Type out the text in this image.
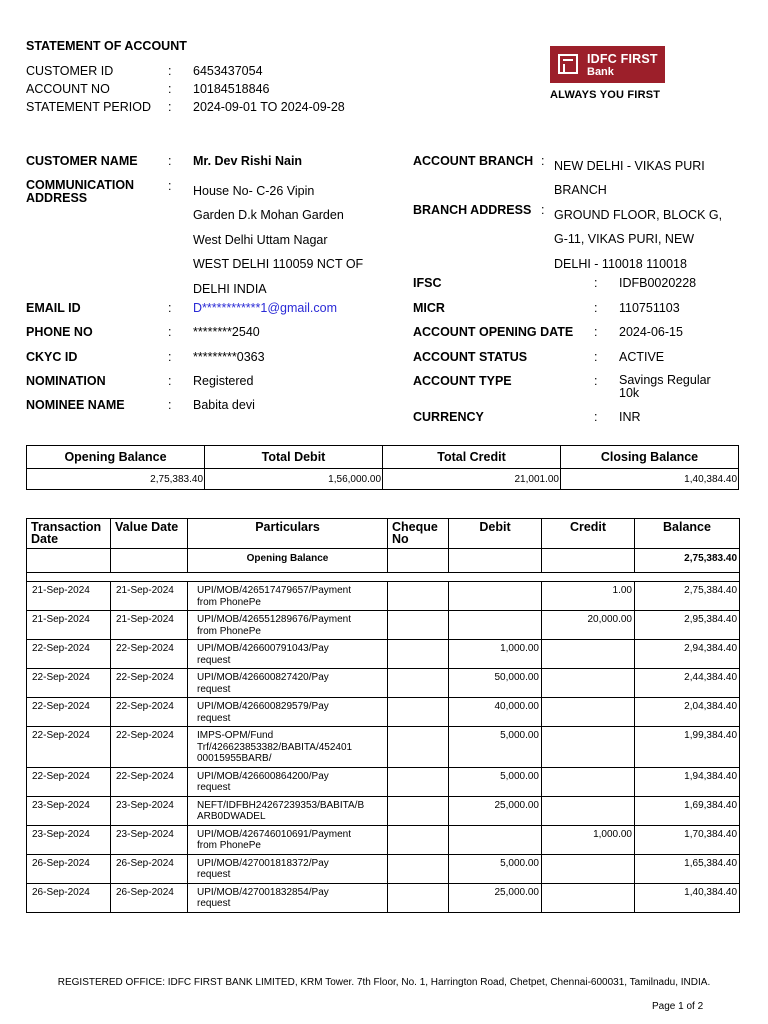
STATEMENT OF ACCOUNT
CUSTOMER ID	: 6453437054
ACCOUNT NO	: 10184518846
STATEMENT PERIOD : 2024-09-01 TO 2024-09-28
IDFC FIRST
Bank
ALWAYS YOU FIRST
CUSTOMER NAME : Mr. Dev Rishi Nain
COMMUNICATION
ADDRESS
: House No- C-26 Vipin
Garden D.k Mohan Garden
West Delhi Uttam Nagar
WEST DELHI 110059 NCT OF
DELHI INDIA
EMAIL ID	: D************1@gmail.com
PHONE NO	: ********2540
CKYC ID	: *********0363
NOMINATION	: Registered
NOMINEE NAME	: Babita devi
ACCOUNT BRANCH : NEW DELHI - VIKAS PURI
BRANCH
BRANCH ADDRESS : GROUND FLOOR, BLOCK G,
G-11, VIKAS PURI, NEW
DELHI - 110018 110018
IFSC	: IDFB0020228
MICR	: 110751103
ACCOUNT OPENING DATE : 2024-06-15
ACCOUNT STATUS	: ACTIVE
ACCOUNT TYPE	: Savings Regular
10k
CURRENCY	: INR
Opening Balance	Total Debit	Total Credit	Closing Balance
2,75,383.40	1,56,000.00	21,001.00	1,40,384.40
Transaction Date	Value Date	Particulars	Cheque No	Debit	Credit	Balance
		Opening Balance				2,75,383.40

21-Sep-2024	21-Sep-2024	UPI/MOB/426517479657/Payment
from PhonePe			1.00	2,75,384.40
21-Sep-2024	21-Sep-2024	UPI/MOB/426551289676/Payment
from PhonePe			20,000.00	2,95,384.40
22-Sep-2024	22-Sep-2024	UPI/MOB/426600791043/Pay
request		1,000.00		2,94,384.40
22-Sep-2024	22-Sep-2024	UPI/MOB/426600827420/Pay
request		50,000.00		2,44,384.40
22-Sep-2024	22-Sep-2024	UPI/MOB/426600829579/Pay
request		40,000.00		2,04,384.40
22-Sep-2024	22-Sep-2024	IMPS-OPM/Fund
Trf/426623853382/BABITA/452401
00015955BARB/		5,000.00		1,99,384.40
22-Sep-2024	22-Sep-2024	UPI/MOB/426600864200/Pay
request		5,000.00		1,94,384.40
23-Sep-2024	23-Sep-2024	NEFT/IDFBH24267239353/BABITA/B
ARB0DWADEL		25,000.00		1,69,384.40
23-Sep-2024	23-Sep-2024	UPI/MOB/426746010691/Payment
from PhonePe			1,000.00	1,70,384.40
26-Sep-2024	26-Sep-2024	UPI/MOB/427001818372/Pay
request		5,000.00		1,65,384.40
26-Sep-2024	26-Sep-2024	UPI/MOB/427001832854/Pay
request		25,000.00		1,40,384.40
REGISTERED OFFICE: IDFC FIRST BANK LIMITED, KRM Tower. 7th Floor, No. 1, Harrington Road, Chetpet, Chennai-600031, Tamilnadu, INDIA.
Page 1 of 2
